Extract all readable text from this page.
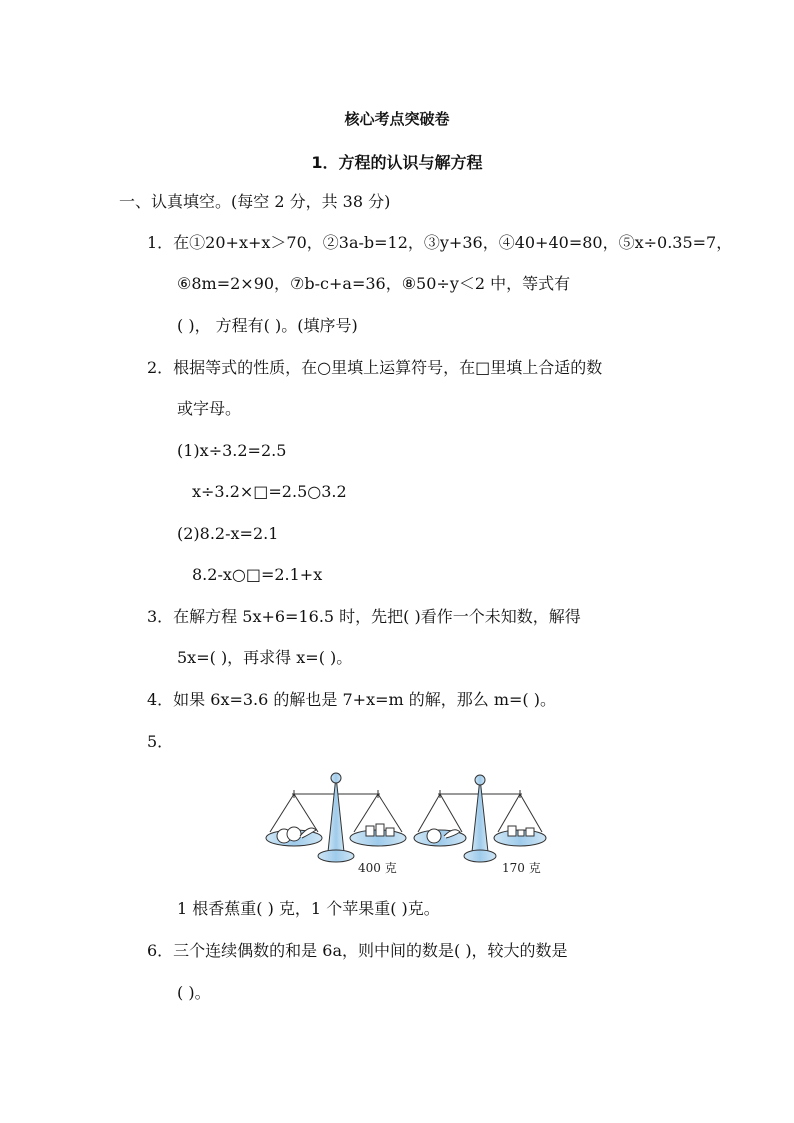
核心考点突破卷
1．方程的认识与解方程
一、认真填空。(每空 2 分，共 38 分)
1．在①20+x+x＞70，②3a-b=12，③y+36，④40+40=80，⑤x÷0.35=7，
⑥8m=2×90，⑦b-c+a=36，⑧50÷y＜2 中，等式有
( )， 方程有( )。(填序号)
2．根据等式的性质，在○里填上运算符号，在□里填上合适的数
或字母。
(1)x÷3.2=2.5
x÷3.2×□=2.5○3.2
(2)8.2-x=2.1
8.2-x○□=2.1+x
3．在解方程 5x+6=16.5 时，先把( )看作一个未知数，解得
5x=( )，再求得 x=( )。
4．如果 6x=3.6 的解也是 7+x=m 的解，那么 m=( )。
5．
400 克	170 克
1 根香蕉重( ) 克，1 个苹果重( )克。
6．三个连续偶数的和是 6a，则中间的数是( )，较大的数是
( )。
